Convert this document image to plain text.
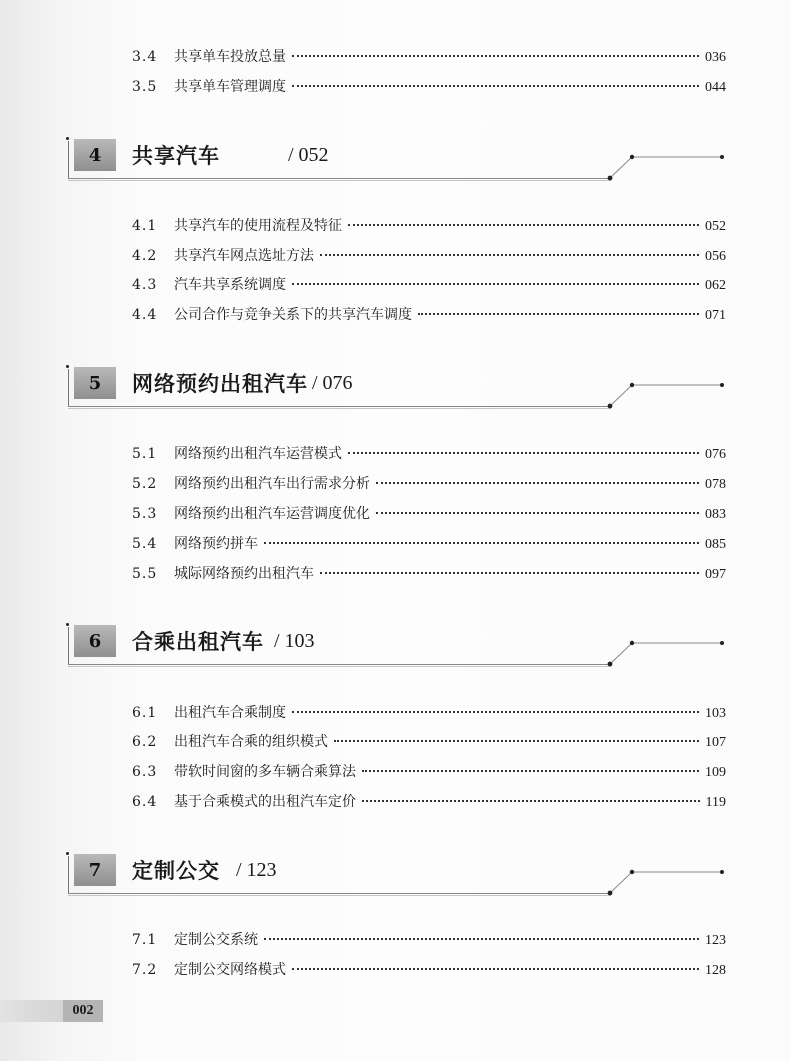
3.4	共享单车投放总量	036
3.5	共享单车管理调度	044
4	共享汽车	/ 052
4.1	共享汽车的使用流程及特征	052
4.2	共享汽车网点选址方法	056
4.3	汽车共享系统调度	062
4.4	公司合作与竞争关系下的共享汽车调度	071
5	网络预约出租汽车 / 076
5.1	网络预约出租汽车运营模式	076
5.2	网络预约出租汽车出行需求分析	078
5.3	网络预约出租汽车运营调度优化	083
5.4	网络预约拼车	085
5.5	城际网络预约出租汽车	097
6	合乘出租汽车 / 103
6.1	出租汽车合乘制度	103
6.2	出租汽车合乘的组织模式	107
6.3	带软时间窗的多车辆合乘算法	109
6.4	基于合乘模式的出租汽车定价	119
7	定制公交 / 123
7.1	定制公交系统	123
7.2	定制公交网络模式	128
002
